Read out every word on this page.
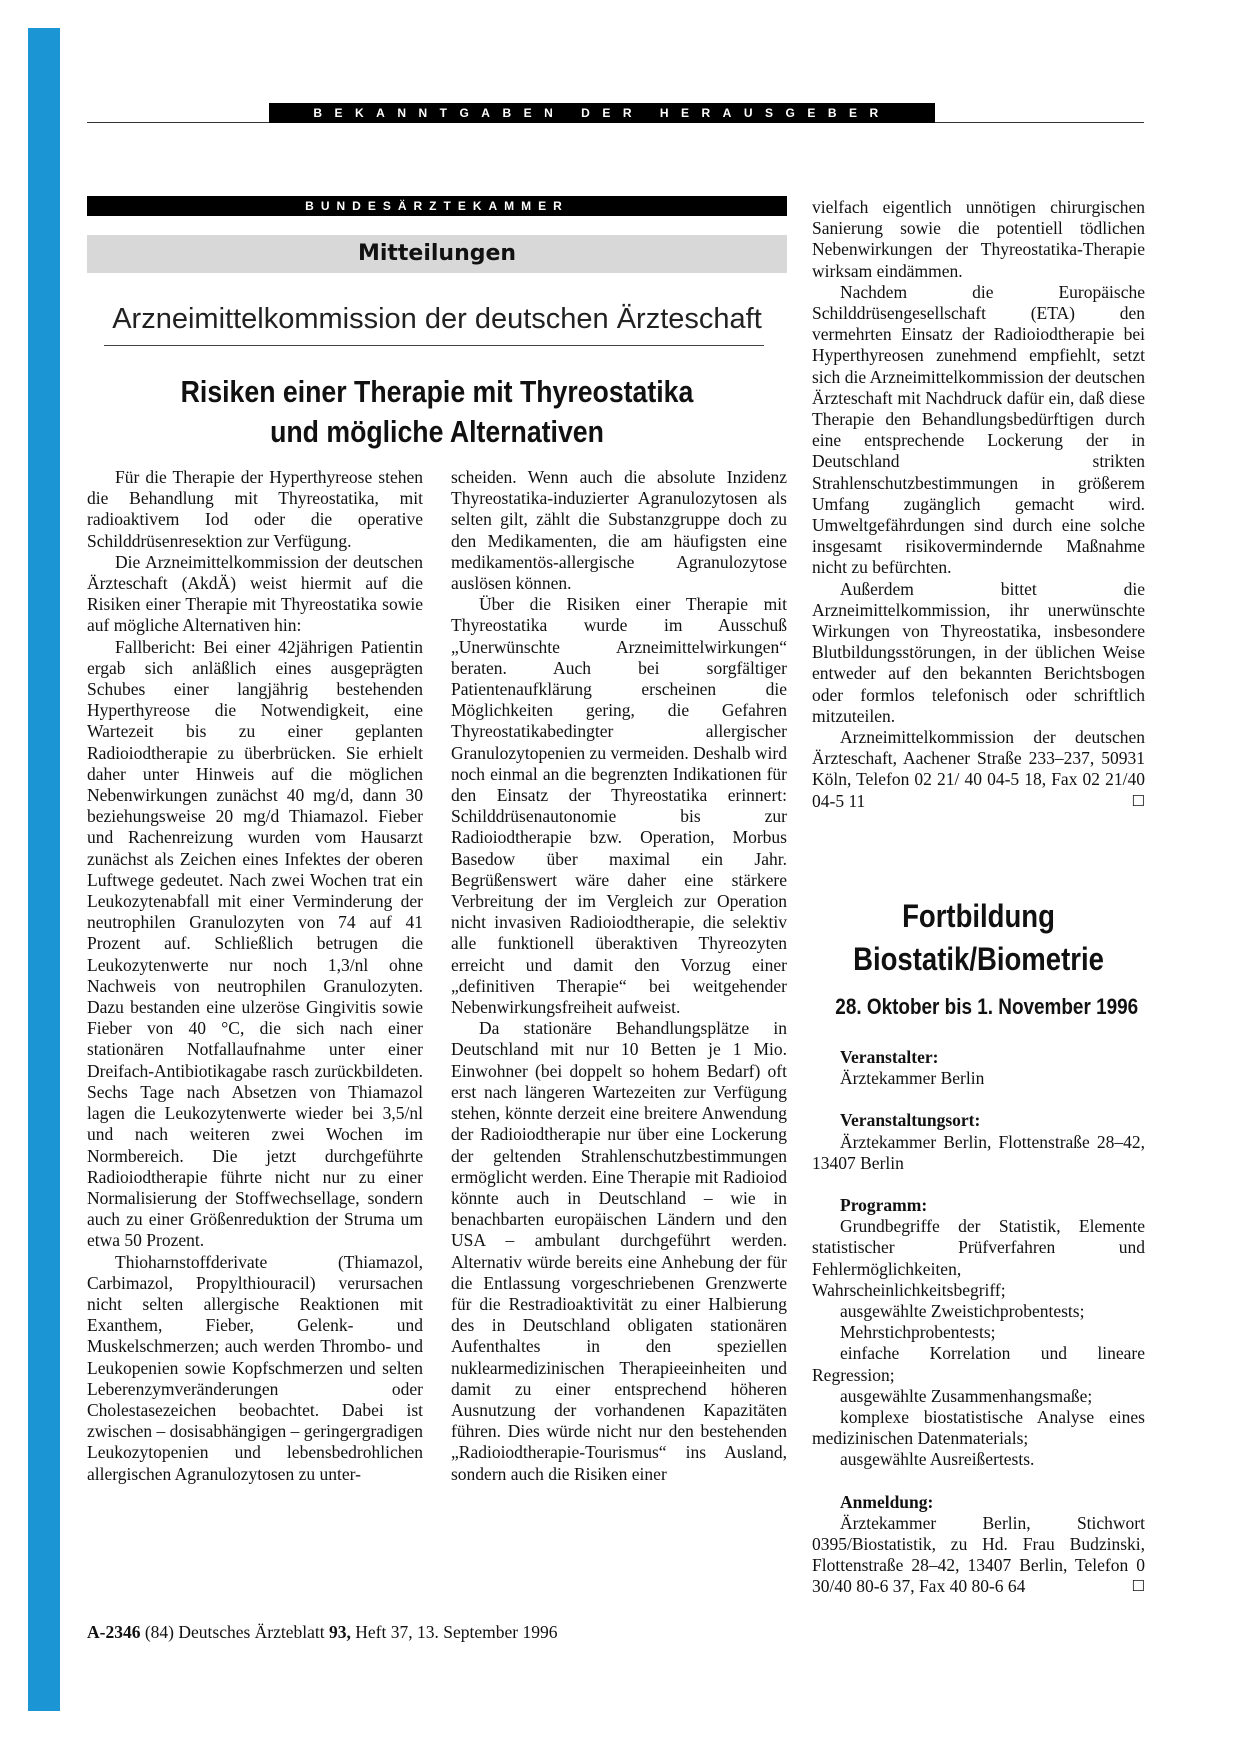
BEKANNTGABEN DER HERAUSGEBER
BUNDESÄRZTEKAMMER
Mitteilungen
Arzneimittelkommission der deutschen Ärzteschaft
Risiken einer Therapie mit Thyreostatika
und mögliche Alternativen

Für die Therapie der Hyperthyreose stehen die Behandlung mit Thyreostatika, mit radioaktivem Iod oder die operative Schilddrüsenresektion zur Verfügung.

Die Arzneimittelkommission der deutschen Ärzteschaft (AkdÄ) weist hiermit auf die Risiken einer Therapie mit Thyreostatika sowie auf mögliche Alternativen hin:

Fallbericht: Bei einer 42jährigen Patientin ergab sich anläßlich eines ausgeprägten Schubes einer langjährig bestehenden Hyperthyreose die Notwendigkeit, eine Wartezeit bis zu einer geplanten Radioiodtherapie zu überbrücken. Sie erhielt daher unter Hinweis auf die möglichen Nebenwirkungen zunächst 40 mg/d, dann 30 beziehungsweise 20 mg/d Thiamazol. Fieber und Rachenreizung wurden vom Hausarzt zunächst als Zeichen eines Infektes der oberen Luftwege gedeutet. Nach zwei Wochen trat ein Leukozytenabfall mit einer Verminderung der neutrophilen Granulozyten von 74 auf 41 Prozent auf. Schließlich betrugen die Leukozytenwerte nur noch 1,3/nl ohne Nachweis von neutrophilen Granulozyten. Dazu bestanden eine ulzeröse Gingivitis sowie Fieber von 40 °C, die sich nach einer stationären Notfallaufnahme unter einer Dreifach-Antibiotikagabe rasch zurückbildeten. Sechs Tage nach Absetzen von Thiamazol lagen die Leukozytenwerte wieder bei 3,5/nl und nach weiteren zwei Wochen im Normbereich. Die jetzt durchgeführte Radioiodtherapie führte nicht nur zu einer Normalisierung der Stoffwechsellage, sondern auch zu einer Größenreduktion der Struma um etwa 50 Prozent.

Thioharnstoffderivate (Thiamazol, Carbimazol, Propylthiouracil) verursachen nicht selten allergische Reaktionen mit Exanthem, Fieber, Gelenk- und Muskelschmerzen; auch werden Thrombo- und Leukopenien sowie Kopfschmerzen und selten Leberenzymveränderungen oder Cholestasezeichen beobachtet. Dabei ist zwischen – dosisabhängigen – geringergradigen Leukozytopenien und lebensbedrohlichen allergischen Agranulozytosen zu unter-

scheiden. Wenn auch die absolute Inzidenz Thyreostatika-induzierter Agranulozytosen als selten gilt, zählt die Substanzgruppe doch zu den Medikamenten, die am häufigsten eine medikamentös-allergische Agranulozytose auslösen können.

Über die Risiken einer Therapie mit Thyreostatika wurde im Ausschuß „Unerwünschte Arzneimittelwirkungen“ beraten. Auch bei sorgfältiger Patientenaufklärung erscheinen die Möglichkeiten gering, die Gefahren Thyreostatikabedingter allergischer Granulozytopenien zu vermeiden. Deshalb wird noch einmal an die begrenzten Indikationen für den Einsatz der Thyreostatika erinnert: Schilddrüsenautonomie bis zur Radioiodtherapie bzw. Operation, Morbus Basedow über maximal ein Jahr. Begrüßenswert wäre daher eine stärkere Verbreitung der im Vergleich zur Operation nicht invasiven Radioiodtherapie, die selektiv alle funktionell überaktiven Thyreozyten erreicht und damit den Vorzug einer „definitiven Therapie“ bei weitgehender Nebenwirkungsfreiheit aufweist.

Da stationäre Behandlungsplätze in Deutschland mit nur 10 Betten je 1 Mio. Einwohner (bei doppelt so hohem Bedarf) oft erst nach längeren Wartezeiten zur Verfügung stehen, könnte derzeit eine breitere Anwendung der Radioiodtherapie nur über eine Lockerung der geltenden Strahlenschutzbestimmungen ermöglicht werden. Eine Therapie mit Radioiod könnte auch in Deutschland – wie in benachbarten europäischen Ländern und den USA – ambulant durchgeführt werden. Alternativ würde bereits eine Anhebung der für die Entlassung vorgeschriebenen Grenzwerte für die Restradioaktivität zu einer Halbierung des in Deutschland obligaten stationären Aufenthaltes in den speziellen nuklearmedizinischen Therapieeinheiten und damit zu einer entsprechend höheren Ausnutzung der vorhandenen Kapazitäten führen. Dies würde nicht nur den bestehenden „Radioiodtherapie-Tourismus“ ins Ausland, sondern auch die Risiken einer

vielfach eigentlich unnötigen chirurgischen Sanierung sowie die potentiell tödlichen Nebenwirkungen der Thyreostatika-Therapie wirksam eindämmen.

Nachdem die Europäische Schilddrüsengesellschaft (ETA) den vermehrten Einsatz der Radioiodtherapie bei Hyperthyreosen zunehmend empfiehlt, setzt sich die Arzneimittelkommission der deutschen Ärzteschaft mit Nachdruck dafür ein, daß diese Therapie den Behandlungsbedürftigen durch eine entsprechende Lockerung der in Deutschland strikten Strahlenschutzbestimmungen in größerem Umfang zugänglich gemacht wird. Umweltgefährdungen sind durch eine solche insgesamt risikovermindernde Maßnahme nicht zu befürchten.

Außerdem bittet die Arzneimittelkommission, ihr unerwünschte Wirkungen von Thyreostatika, insbesondere Blutbildungsstörungen, in der üblichen Weise entweder auf den bekannten Berichtsbogen oder formlos telefonisch oder schriftlich mitzuteilen.

Arzneimittelkommission der deutschen Ärzteschaft, Aachener Straße 233–237, 50931 Köln, Telefon 02 21/ 40 04-5 18, Fax 02 21/40 04-5 11	☐

Fortbildung
Biostatik/Biometrie
28. Oktober bis 1. November 1996

Veranstalter:

Ärztekammer Berlin

Veranstaltungsort:

Ärztekammer Berlin, Flottenstraße 28–42, 13407 Berlin

Programm:

Grundbegriffe der Statistik, Elemente statistischer Prüfverfahren und Fehlermöglichkeiten, Wahrscheinlichkeitsbegriff;

ausgewählte Zweistichprobentests;

Mehrstichprobentests;

einfache Korrelation und lineare Regression;

ausgewählte Zusammenhangsmaße;

komplexe biostatistische Analyse eines medizinischen Datenmaterials;

ausgewählte Ausreißertests.

Anmeldung:

Ärztekammer Berlin, Stichwort 0395/Biostatistik, zu Hd. Frau Budzinski, Flottenstraße 28–42, 13407 Berlin, Telefon 0 30/40 80-6 37, Fax 40 80-6 64	☐

A-2346 (84) Deutsches Ärzteblatt 93, Heft 37, 13. September 1996
